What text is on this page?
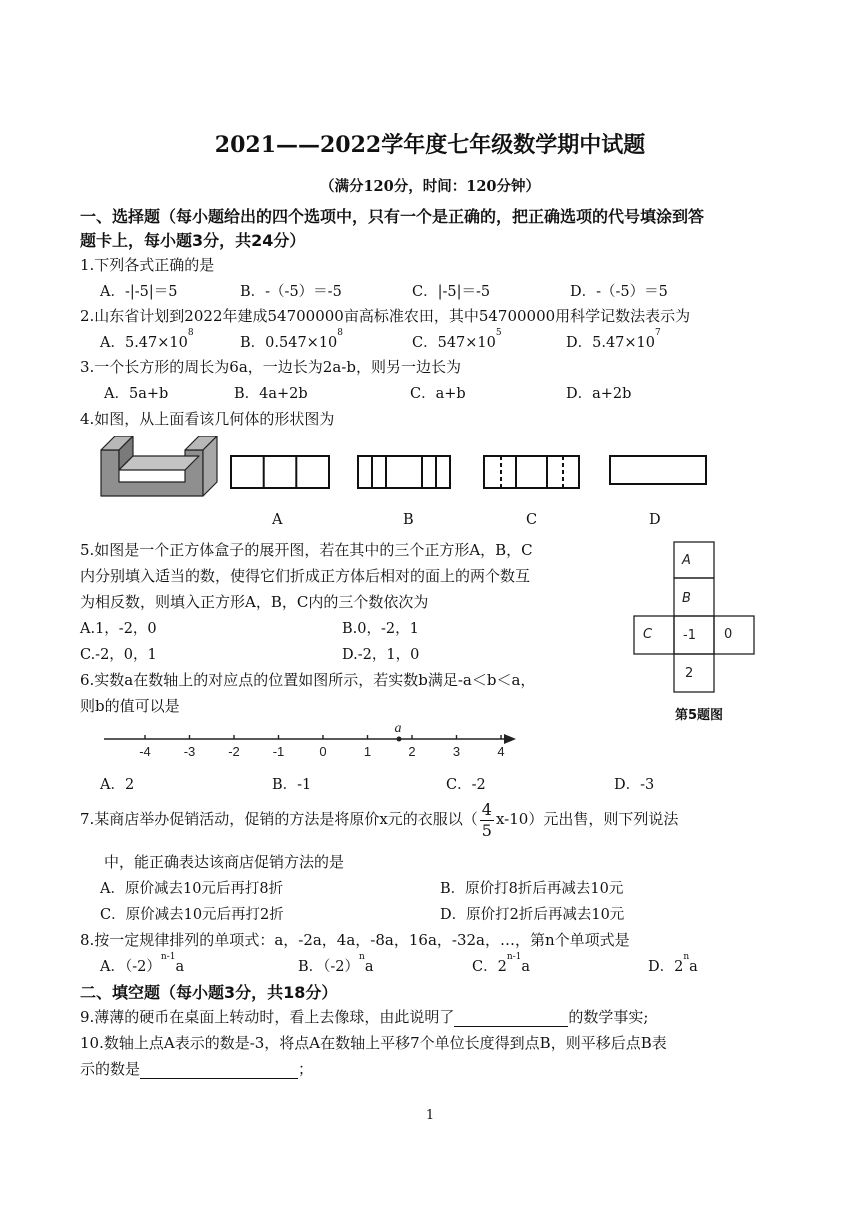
2021——2022学年度七年级数学期中试题
（满分120分，时间：120分钟）
一、选择题（每小题给出的四个选项中，只有一个是正确的，把正确选项的代号填涂到答
题卡上，每小题3分，共24分）
1.下列各式正确的是
A．-|-5|＝5	B．-（-5）＝-5	C．|-5|＝-5	D．-（-5）＝5
2.山东省计划到2022年建成54700000亩高标准农田，其中54700000用科学记数法表示为
A．$5.47\times 10^8$
B．$0.547\times 10^8$
C．$547\times 10^5$
D．$5.47\times 10^7$
3.一个长方形的周长为6a，一边长为2a-b，则另一边长为
A．5a+b	B．4a+2b	C．a+b	D．a+2b
4.如图，从上面看该几何体的形状图为
A	B	C	D
5.如图是一个正方体盒子的展开图，若在其中的三个正方形A，B，C
内分别填入适当的数，使得它们折成正方体后相对的面上的两个数互
为相反数，则填入正方形A，B，C内的三个数依次为
A.1，-2，0	B.0，-2，1
C.-2，0，1	D.-2，1，0
A
B
C -1 0
2
第5题图
6.实数a在数轴上的对应点的位置如图所示，若实数b满足-a＜b＜a，
则b的值可以是
-4	-3	-2	-1	0	1	2	3	4
a
A．2	B．-1	C．-2	D．-3
7.某商店举办促销活动，促销的方法是将原价x元的衣服以（ $\frac{4}{5} x-10$）元出售，则下列说法
中，能正确表达该商店促销方法的是
A．原价减去10元后再打8折	B．原价打8折后再减去10元
C．原价减去10元后再打2折	D．原价打2折后再减去10元
8.按一定规律排列的单项式：a，-2a，4a，-8a，16a，-32a，…，第n个单项式是
A．$(-2)^{n-1}a$	B．$(-2)^na$	C．2$^{n-1}$a	D．2$^n$a
二、填空题（每小题3分，共18分）
9.薄薄的硬币在桌面上转动时，看上去像球，由此说明了	的数学事实;
10.数轴上点A表示的数是-3，将点A在数轴上平移7个单位长度得到点B，则平移后点B表
示的数是	；
1
